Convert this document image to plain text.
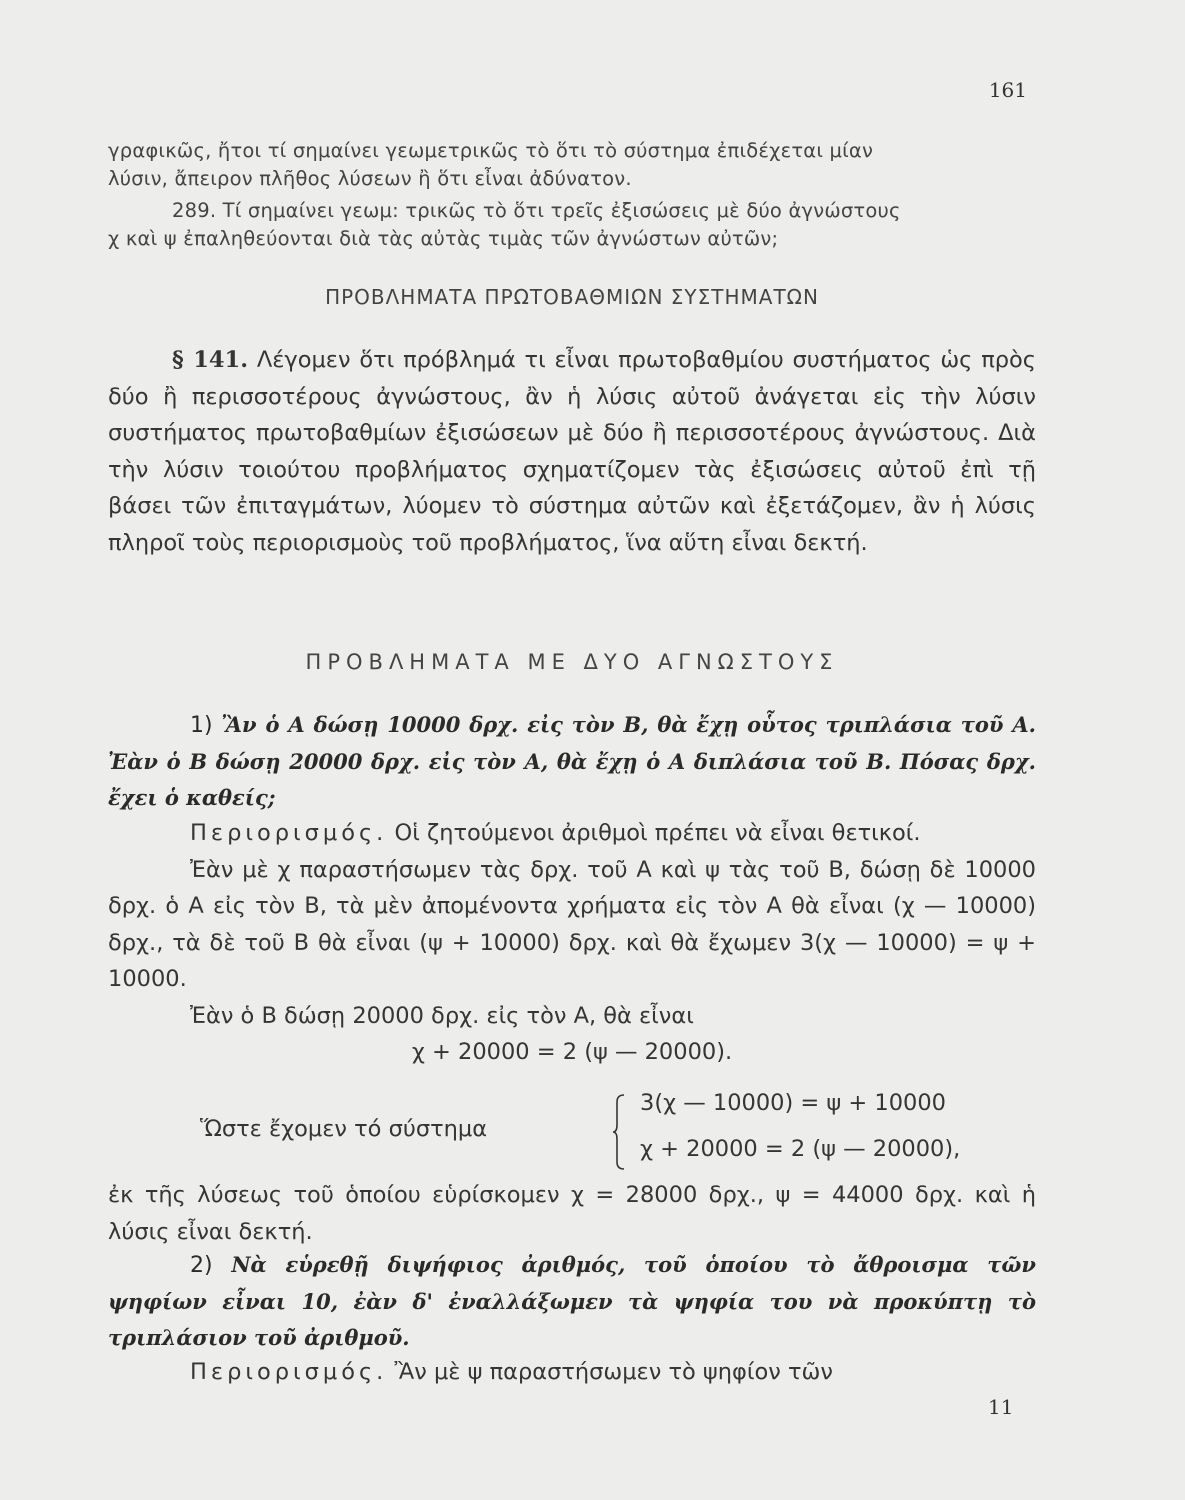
161

γραφικῶς, ἤτοι τί σημαίνει γεωμετρικῶς τὸ ὅτι τὸ σύστημα ἐπιδέχεται μίαν

λύσιν, ἄπειρον πλῆθος λύσεων ἢ ὅτι εἶναι ἀδύνατον.

289. Τί σημαίνει γεωμ: τρικῶς τὸ ὅτι τρεῖς ἐξισώσεις μὲ δύο ἀγνώστους

χ καὶ ψ ἐπαληθεύονται διὰ τὰς αὐτὰς τιμὰς τῶν ἀγνώστων αὐτῶν;

ΠΡΟΒΛΗΜΑΤΑ ΠΡΩΤΟΒΑΘΜΙΩΝ ΣΥΣΤΗΜΑΤΩΝ

§ 141. Λέγομεν ὅτι πρόβλημά τι εἶναι πρωτοβαθμίου συστήματος ὡς πρὸς δύο ἢ περισσοτέρους ἀγνώστους, ἂν ἡ λύσις αὐτοῦ ἀνάγεται εἰς τὴν λύσιν συστήματος πρωτοβαθμίων ἐξισώσεων μὲ δύο ἢ περισσοτέρους ἀγνώστους. Διὰ τὴν λύσιν τοιούτου προβλήματος σχηματίζομεν τὰς ἐξισώσεις αὐτοῦ ἐπὶ τῇ βάσει τῶν ἐπιταγμάτων, λύομεν τὸ σύστημα αὐτῶν καὶ ἐξετάζομεν, ἂν ἡ λύσις πληροῖ τοὺς περιορισμοὺς τοῦ προβλήματος, ἵνα αὕτη εἶναι δεκτή.

ΠΡΟΒΛΗΜΑΤΑ ΜΕ ΔΥΟ ΑΓΝΩΣΤΟΥΣ

1) Ἂν ὁ Α δώσῃ 10000 δρχ. εἰς τὸν Β, θὰ ἔχῃ οὗτος τριπλάσια τοῦ Α. Ἐὰν ὁ Β δώσῃ 20000 δρχ. εἰς τὸν Α, θὰ ἔχῃ ὁ Α διπλάσια τοῦ Β. Πόσας δρχ. ἔχει ὁ καθείς;

Περιορισμός. Οἱ ζητούμενοι ἀριθμοὶ πρέπει νὰ εἶναι θετικοί.

Ἐὰν μὲ χ παραστήσωμεν τὰς δρχ. τοῦ Α καὶ ψ τὰς τοῦ Β, δώσῃ δὲ 10000 δρχ. ὁ Α εἰς τὸν Β, τὰ μὲν ἀπομένοντα χρήματα εἰς τὸν Α θὰ εἶναι (χ — 10000) δρχ., τὰ δὲ τοῦ Β θὰ εἶναι (ψ + 10000) δρχ. καὶ θὰ ἔχωμεν 3(χ — 10000) = ψ + 10000.

Ἐὰν ὁ Β δώσῃ 20000 δρχ. εἰς τὸν Α, θὰ εἶναι

χ + 20000 = 2 (ψ — 20000).

Ὥστε ἔχομεν τό σύστημα
3(χ — 10000) = ψ + 10000
χ + 20000 = 2 (ψ — 20000),

ἐκ τῆς λύσεως τοῦ ὁποίου εὑρίσκομεν χ = 28000 δρχ., ψ = 44000 δρχ. καὶ ἡ λύσις εἶναι δεκτή.

2) Νὰ εὑρεθῇ διψήφιος ἀριθμός, τοῦ ὁποίου τὸ ἄθροισμα τῶν ψηφίων εἶναι 10, ἐὰν δ' ἐναλλάξωμεν τὰ ψηφία του νὰ προκύπτῃ τὸ τριπλάσιον τοῦ ἀριθμοῦ.

Περιορισμός. Ἂν μὲ ψ παραστήσωμεν τὸ ψηφίον τῶν

11
